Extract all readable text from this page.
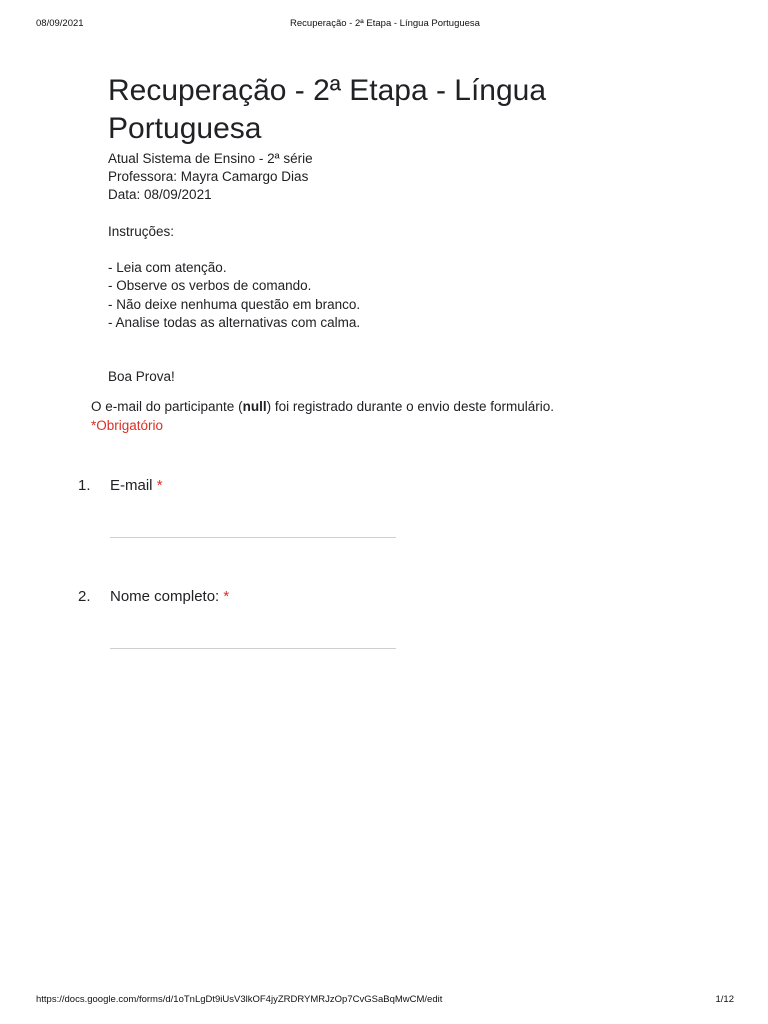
08/09/2021	Recuperação - 2ª Etapa - Língua Portuguesa
Recuperação - 2ª Etapa - Língua Portuguesa
Atual Sistema de Ensino - 2ª série
Professora: Mayra Camargo Dias
Data: 08/09/2021
Instruções:
- Leia com atenção.
- Observe os verbos de comando.
- Não deixe nenhuma questão em branco.
- Analise todas as alternativas com calma.
Boa Prova!
O e-mail do participante (null) foi registrado durante o envio deste formulário.
*Obrigatório
1. E-mail *
2. Nome completo: *
https://docs.google.com/forms/d/1oTnLgDt9iUsV3lkOF4jyZRDRYMRJzOp7CvGSaBqMwCM/edit	1/12
